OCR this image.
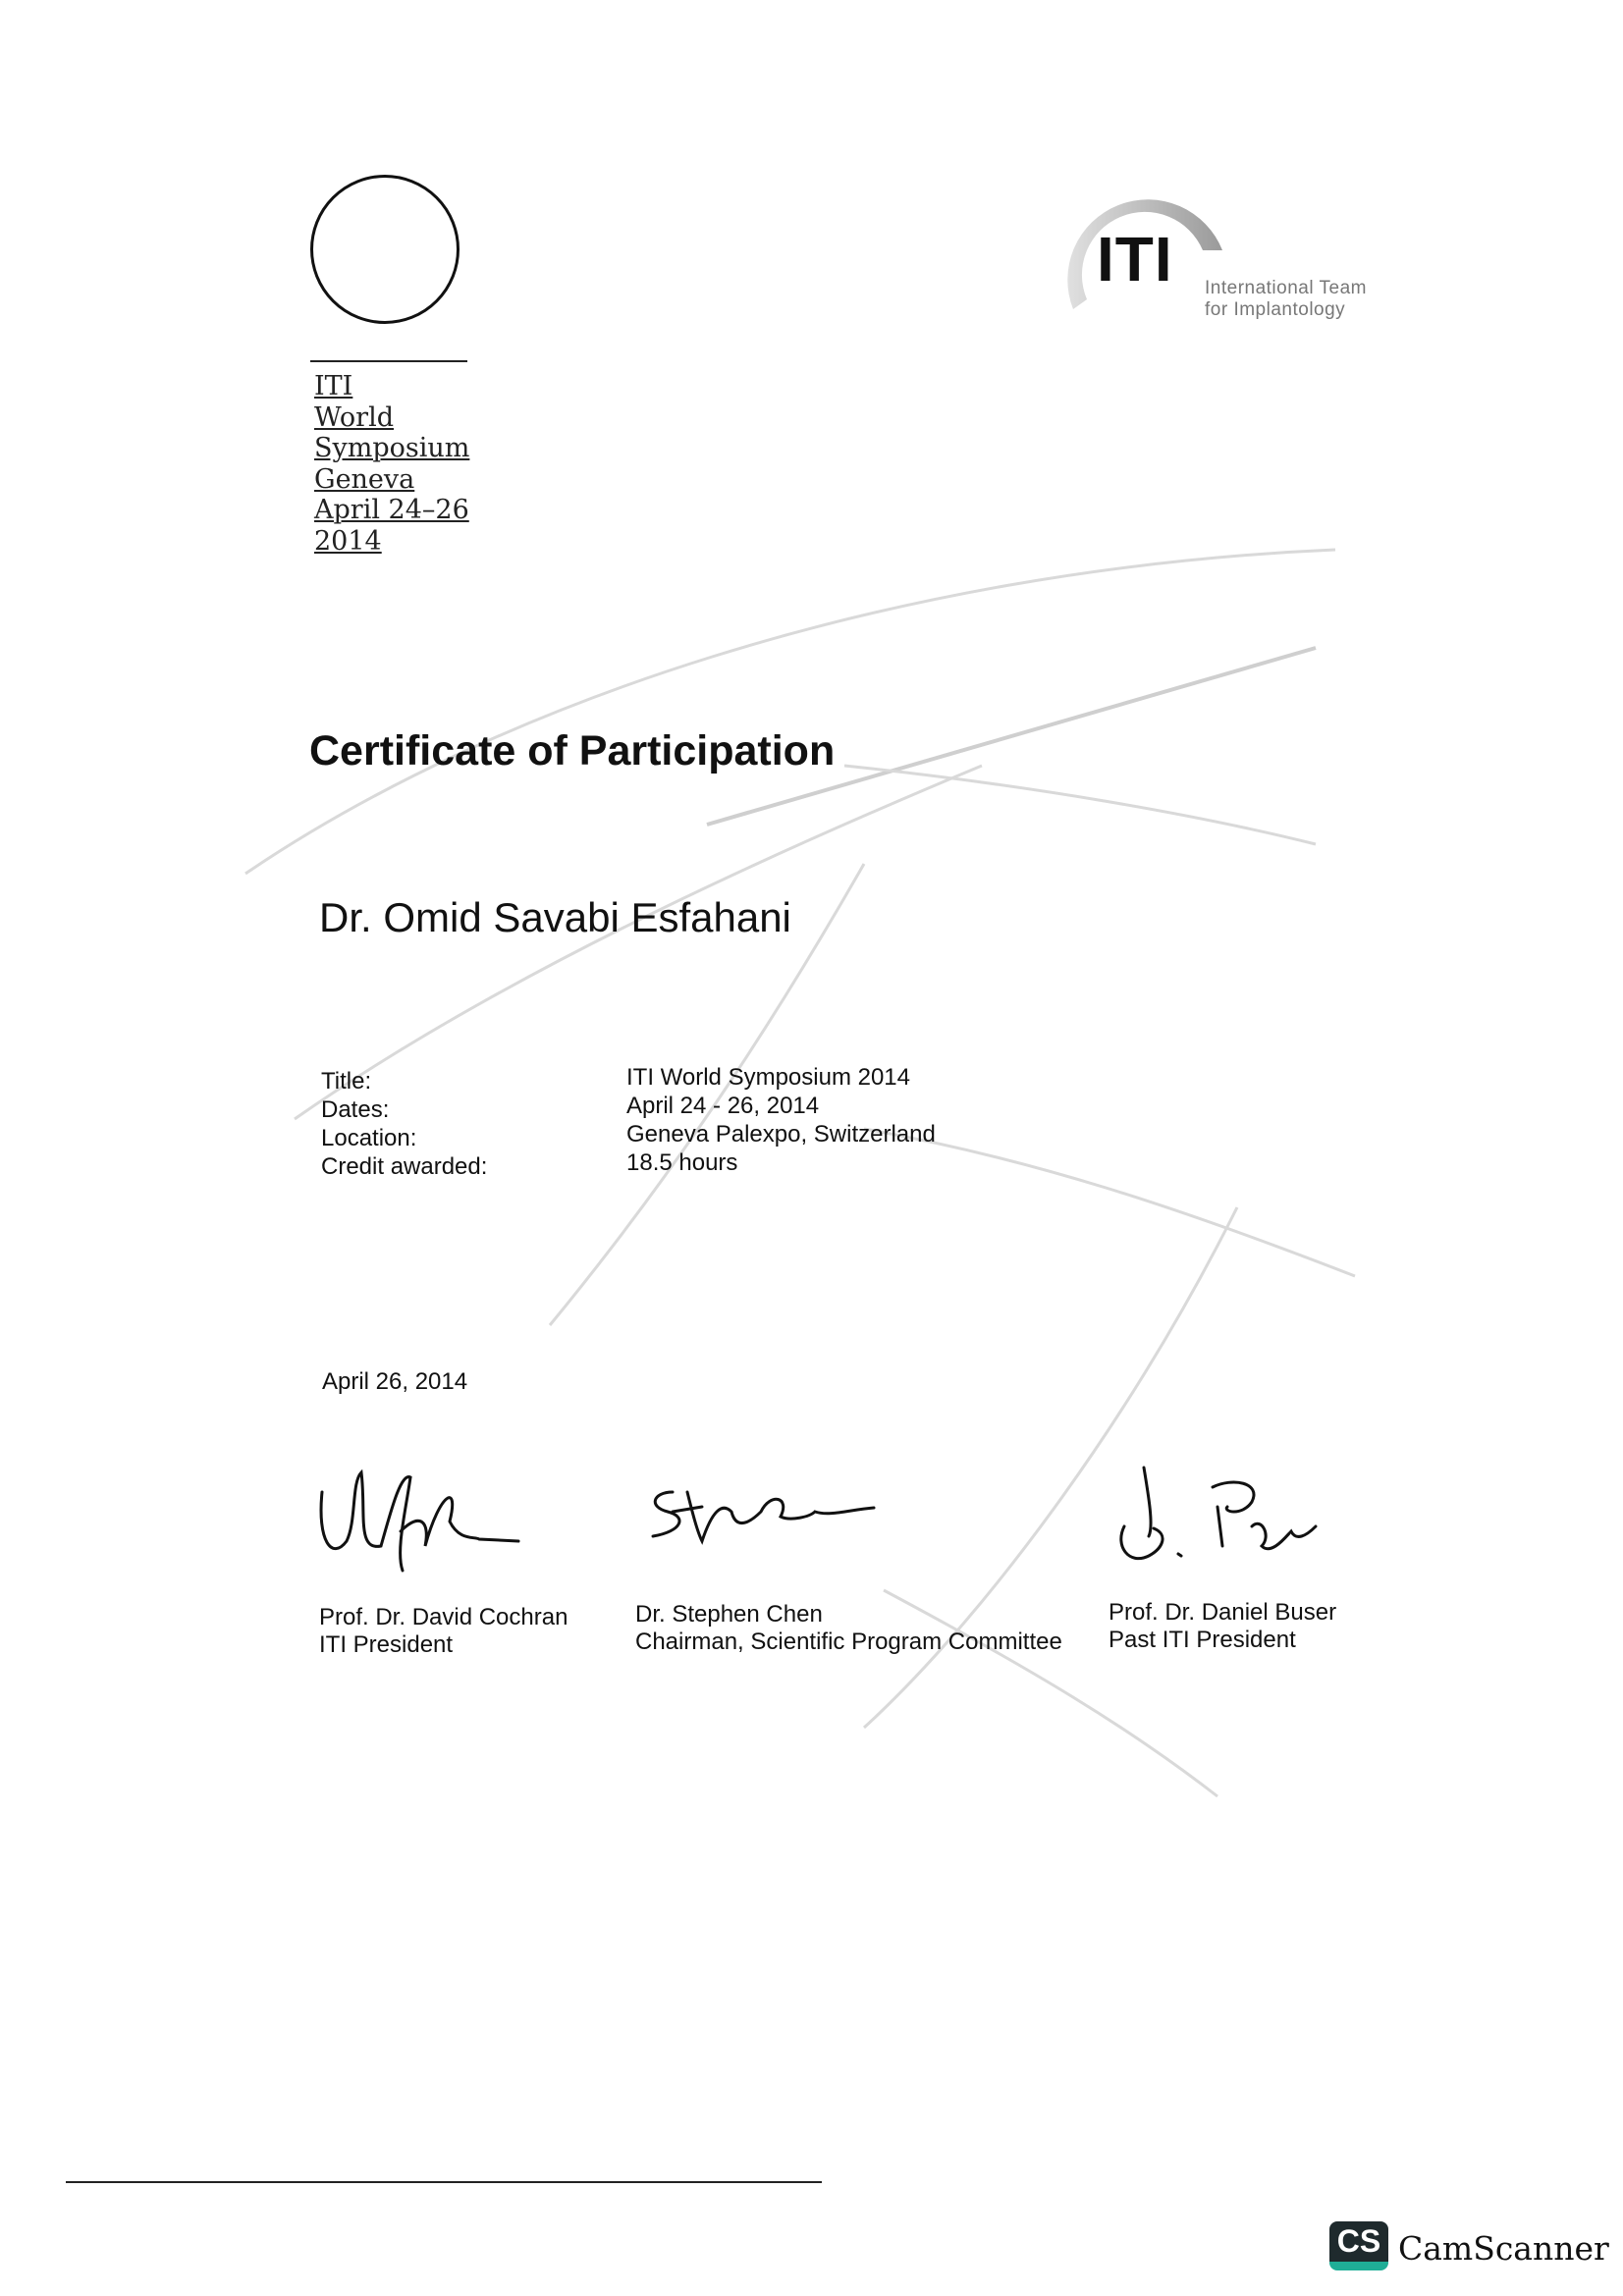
ITI
World
Symposium
Geneva
April 24–26
2014
ITI International Team
for Implantology
Certificate of Participation
Dr. Omid Savabi Esfahani
Title:
Dates:
Location:
Credit awarded:
ITI World Symposium 2014
April 24 - 26, 2014
Geneva Palexpo, Switzerland
18.5 hours
April 26, 2014
Prof. Dr. David Cochran
ITI President
Dr. Stephen Chen
Chairman, Scientific Program Committee
Prof. Dr. Daniel Buser
Past ITI President
CS CamScanner
